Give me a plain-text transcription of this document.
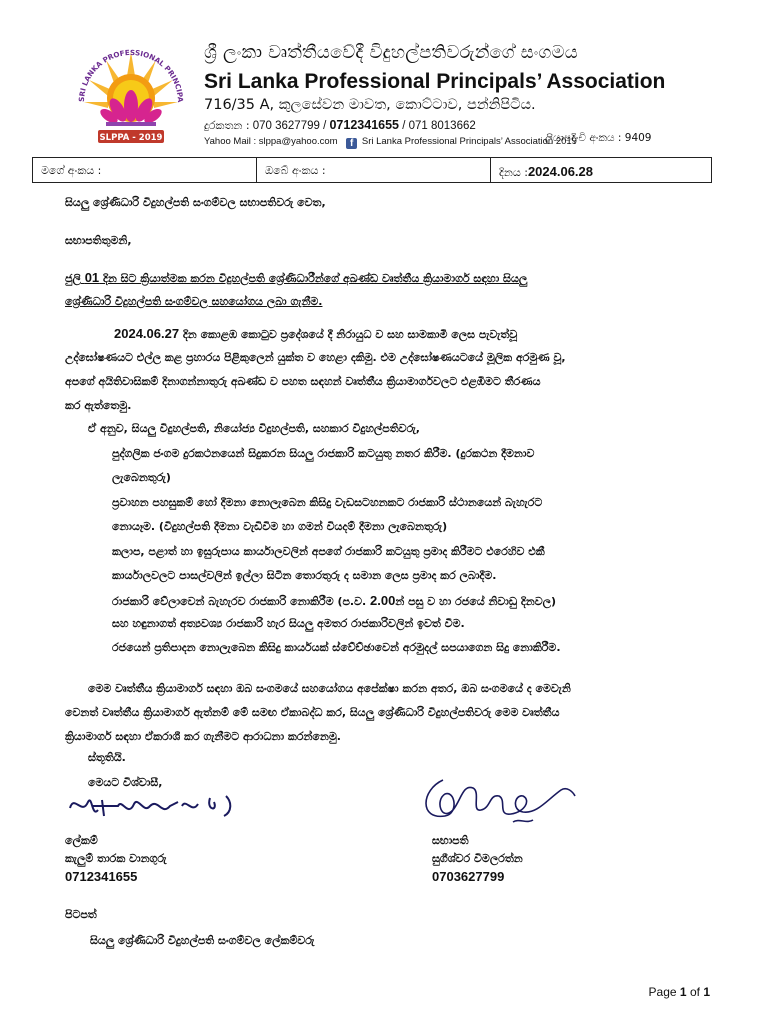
SRI LANKA PROFESSIONAL PRINCIPA
SLPPA - 2019
ශ්‍රී ලංකා වෘත්තීයවේදී විදුහල්පතිවරුන්ගේ සංගමය
Sri Lanka Professional Principals’ Association
716/35 A, කුලසේවන මාවත, කොට්ටාව, පන්නිපිටිය.
දුරකතන : 070 3627799 / 0712341655 / 071 8013662
Yahoo Mail : slppa@yahoo.com f Sri Lanka Professional Principals’ Association 2019
ලියාපදිංචි අංකය : 9409
මගේ අංකය :	ඔබේ අංකය :	දිනය :2024.06.28
සියලු ශ්‍රේණිධාරි විදුහල්පති සංගම්වල සභාපතිවරු වෙත,
සභාපතිතුමනි,
ජුලි 01 දින සිට ක්‍රියාත්මක කරන විදුහල්පති ශ්‍රේණිධාරීන්ගේ අඛණ්ඩ වෘත්තීය ක්‍රියාමාර්ග සඳහා සියලු
ශ්‍රේණිධාරි විදුහල්පති සංගම්වල සහයෝගය ලබා ගැනීම.
2024.06.27 දින කොළඹ කොටුව ප්‍රදේශයේ දී නිරායුධ ව සහ සාමකාමී ලෙස පැවැත්වූ
උද්ඝෝෂණයට එල්ල කළ ප්‍රහාරය පිළිකුලෙන් යුක්ත ව හෙළා දකිමු. එම උද්ඝෝෂණයටයේ මූලික අරමුණ වූ,
අපගේ අයිතිවාසිකම් දිනාගන්නාතුරු අඛණ්ඩ ව පහත සඳහන් වෘත්තීය ක්‍රියාමාර්ගවලට එළඹීමට තීරණය
කර ඇත්තෙමු.
ඒ අනුව, සියලු විදුහල්පති, නියෝජ්‍ය විදුහල්පති, සහකාර විදුහල්පතිවරු,
පුද්ගලික ජංගම දුරකථනයෙන් සිදුකරන සියලු රාජකාරි කටයුතු නතර කිරීම. (දුරකථන දීමනාව
ලැබෙනතුරු)
ප්‍රවාහන පහසුකම් හෝ දීමනා නොලැබෙන කිසිදු වැඩසටහනකට රාජකාරි ස්ථානයෙන් බැහැරට
නොයෑම. (විදුහල්පති දීමනා වැඩිවීම හා ගමන් වියදම් දීමනා ලැබෙනතුරු)
කලාප, පළාත් හා ඉසුරුපාය කාර්යාලවලින් අපගේ රාජකාරි කටයුතු ප්‍රමාද කිරීමට එරෙහිව එකී
කාර්යාලවලට පාසල්වලින් ඉල්ලා සිටින තොරතුරු ද සමාන ලෙස ප්‍රමාද කර ලබාදීම.
රාජකාරි වේලාවෙන් බැහැරව රාජකාරි නොකිරීම (ප.ව. 2.00න් පසු ව හා රජයේ නිවාඩු දිනවල)
සහ හඳුනාගත් අත්‍යවශ්‍ය රාජකාරි හැර සියලු අමතර රාජකාරිවලින් ඉවත් වීම.
රජයෙන් ප්‍රතිපාදන නොලැබෙන කිසිදු කාර්යයක් ස්වේච්ඡාවෙන් අරමුදල් සපයාගෙන සිදු නොකිරීම.
මෙම වෘත්තීය ක්‍රියාමාර්ග සඳහා ඔබ සංගමයේ සහයෝගය අපේක්ෂා කරන අතර, ඔබ සංගමයේ ද මෙවැනි
වෙනත් වෘත්තීය ක්‍රියාමාර්ග ඇත්නම් මේ සමඟ ඒකාබද්ධ කර, සියලු ශ්‍රේණිධාරි විදුහල්පතිවරු මෙම වෘත්තීය
ක්‍රියාමාර්ග සඳහා ඒකරාශී කර ගැනීමට ආරාධනා කරන්නෙමු.
ස්තූතියි.
මෙයට විශ්වාසී,
ලේකම්
කැලුම් තාරක වානගුරු
0712341655
සභාපති
සුගීශ්වර විමලරත්න
0703627799
පිටපත්
සියලු ශ්‍රේණිධාරි විදුහල්පති සංගම්වල ලේකම්වරු
Page 1 of 1
